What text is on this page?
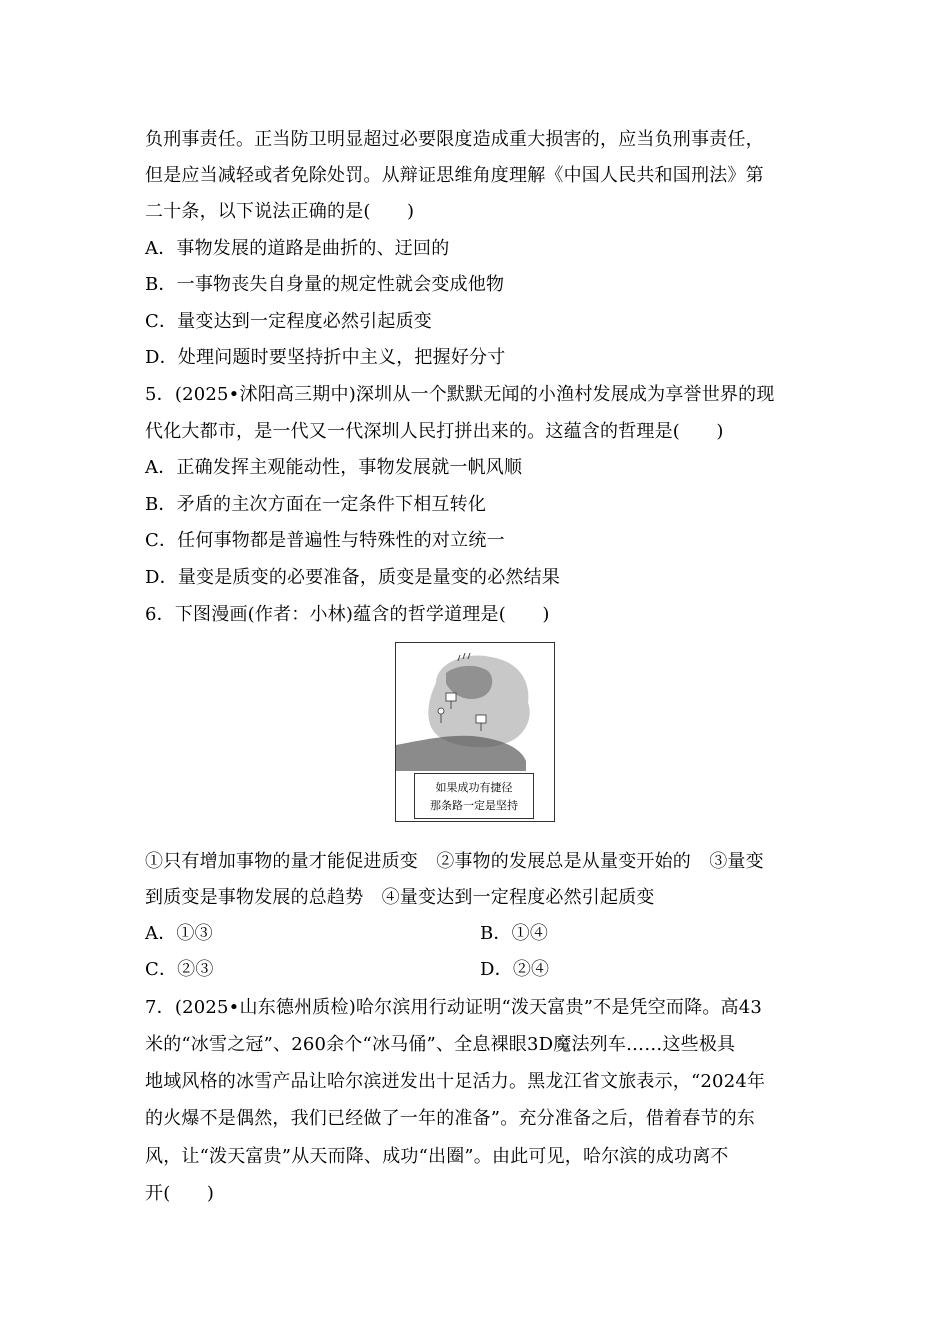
负刑事责任。正当防卫明显超过必要限度造成重大损害的，应当负刑事责任，
但是应当减轻或者免除处罚。从辩证思维角度理解《中国人民共和国刑法》第
二十条，以下说法正确的是(　　)
A．事物发展的道路是曲折的、迂回的
B．一事物丧失自身量的规定性就会变成他物
C．量变达到一定程度必然引起质变
D．处理问题时要坚持折中主义，把握好分寸
5．(2025•沭阳高三期中)深圳从一个默默无闻的小渔村发展成为享誉世界的现
代化大都市，是一代又一代深圳人民打拼出来的。这蕴含的哲理是(　　)
A．正确发挥主观能动性，事物发展就一帆风顺
B．矛盾的主次方面在一定条件下相互转化
C．任何事物都是普遍性与特殊性的对立统一
D．量变是质变的必要准备，质变是量变的必然结果
6．下图漫画(作者：小林)蕴含的哲学道理是(　　)
如果成功有捷径
那条路一定是坚持
①只有增加事物的量才能促进质变　②事物的发展总是从量变开始的　③量变
到质变是事物发展的总趋势　④量变达到一定程度必然引起质变
A．①③	B．①④
C．②③	D．②④
7．(2025•山东德州质检)哈尔滨用行动证明“泼天富贵”不是凭空而降。高43
米的“冰雪之冠”、260余个“冰马俑”、全息裸眼3D魔法列车……这些极具
地域风格的冰雪产品让哈尔滨迸发出十足活力。黑龙江省文旅表示，“2024年
的火爆不是偶然，我们已经做了一年的准备”。充分准备之后，借着春节的东
风，让“泼天富贵”从天而降、成功“出圈”。由此可见，哈尔滨的成功离不
开(　　)
